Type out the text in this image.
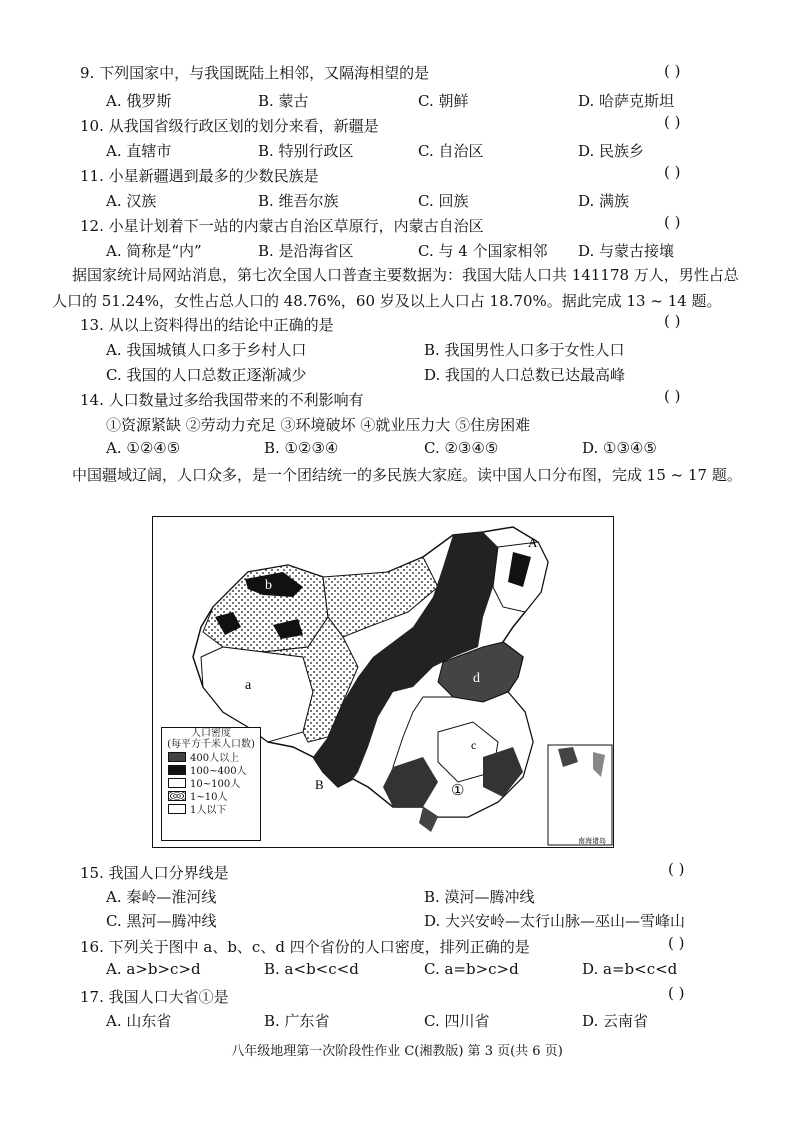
9. 下列国家中，与我国既陆上相邻，又隔海相望的是	( )
A. 俄罗斯	B. 蒙古	C. 朝鲜	D. 哈萨克斯坦
10. 从我国省级行政区划的划分来看，新疆是	( )
A. 直辖市	B. 特别行政区	C. 自治区	D. 民族乡
11. 小星新疆遇到最多的少数民族是	( )
A. 汉族	B. 维吾尔族	C. 回族	D. 满族
12. 小星计划着下一站的内蒙古自治区草原行，内蒙古自治区	( )
A. 简称是“内”	B. 是沿海省区	C. 与 4 个国家相邻 D. 与蒙古接壤
据国家统计局网站消息，第七次全国人口普查主要数据为：我国大陆人口共 141178 万人，男性占总人口的 51.24%，女性占总人口的 48.76%，60 岁及以上人口占 18.70%。据此完成 13 ~ 14 题。
13. 从以上资料得出的结论中正确的是	( )
A. 我国城镇人口多于乡村人口	B. 我国男性人口多于女性人口
C. 我国的人口总数正逐渐减少	D. 我国的人口总数已达最高峰
14. 人口数量过多给我国带来的不利影响有	( )
①资源紧缺 ②劳动力充足 ③环境破坏 ④就业压力大 ⑤住房困难
A. ①②④⑤	B. ①②③④	C. ②③④⑤	D. ①③④⑤
中国疆域辽阔，人口众多，是一个团结统一的多民族大家庭。读中国人口分布图，完成 15 ~ 17 题。
a
b
c
d
A
B	①
南海诸岛
人口密度
(每平方千米人口数)
400人以上
100~400人
10~100人
1~10人
1人以下
15. 我国人口分界线是	( )
A. 秦岭—淮河线	B. 漠河—腾冲线
C. 黑河—腾冲线	D. 大兴安岭—太行山脉—巫山—雪峰山
16. 下列关于图中 a、b、c、d 四个省份的人口密度，排列正确的是	( )
A. a>b>c>d	B. a<b<c<d	C. a=b>c>d	D. a=b<c<d
17. 我国人口大省①是	( )
A. 山东省	B. 广东省	C. 四川省	D. 云南省
八年级地理第一次阶段性作业 C(湘教版) 第 3 页(共 6 页)
